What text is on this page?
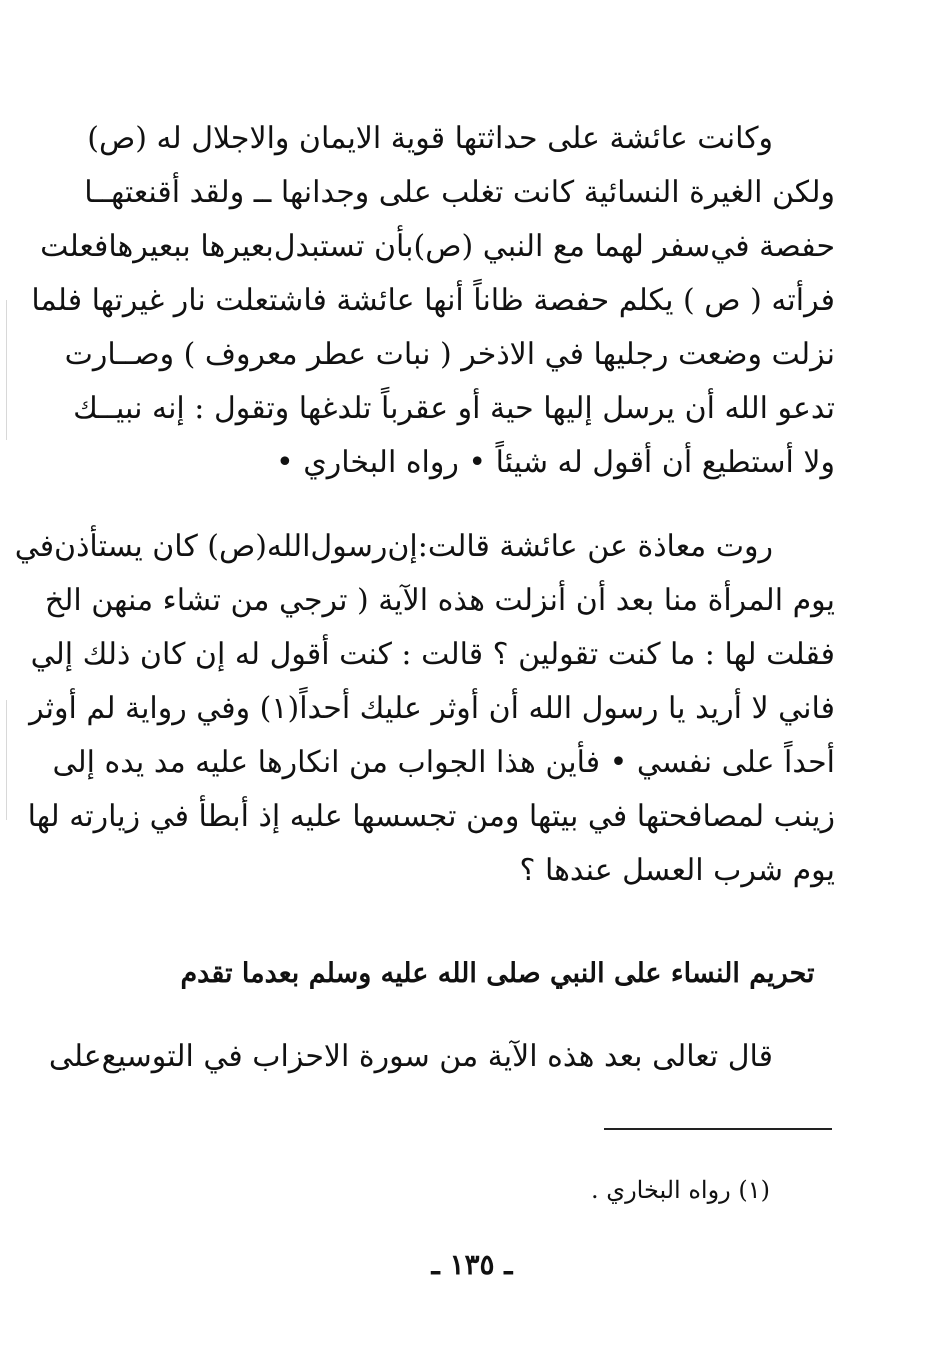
وكانت عائشة على حداثتها قوية الايمان والاجلال له (ص)
ولكن الغيرة النسائية كانت تغلب على وجدانها ــ ولقد أقنعتهــا
حفصة في‌سفر لهما مع النبي (ص)بأن تستبدل‌بعيرها ببعيرهافعلت
فرأته ( ص ) يكلم حفصة ظاناً أنها عائشة فاشتعلت نار غيرتها فلما
نزلت وضعت رجليها في الاذخر ( نبات عطر معروف ) وصــارت
تدعو الله أن يرسل إليها حية أو عقرباً تلدغها وتقول : إنه نبيــك
ولا أستطيع أن أقول له شيئاً • رواه البخاري •
روت معاذة عن عائشة قالت:إن‌رسول‌الله(ص) كان يستأذن‌في
يوم المرأة منا بعد أن أنزلت هذه الآية ( ترجي من تشاء منهن الخ
فقلت لها : ما كنت تقولين ؟ قالت : كنت أقول له إن كان ذلك إلي
فاني لا أريد يا رسول الله أن أوثر عليك أحداً(١) وفي رواية لم أوثر
أحداً على نفسي • فأين هذا الجواب من انكارها عليه مد يده إلى
زينب لمصافحتها في بيتها ومن تجسسها عليه إذ أبطأ في زيارته لها
يوم شرب العسل عندها ؟
تحريم النساء على النبي صلى الله عليه وسلم بعدما تقدم
قال تعالى بعد هذه الآية من سورة الاحزاب في التوسيع‌على
(١) رواه البخاري .
ـ ١٣٥ ـ
